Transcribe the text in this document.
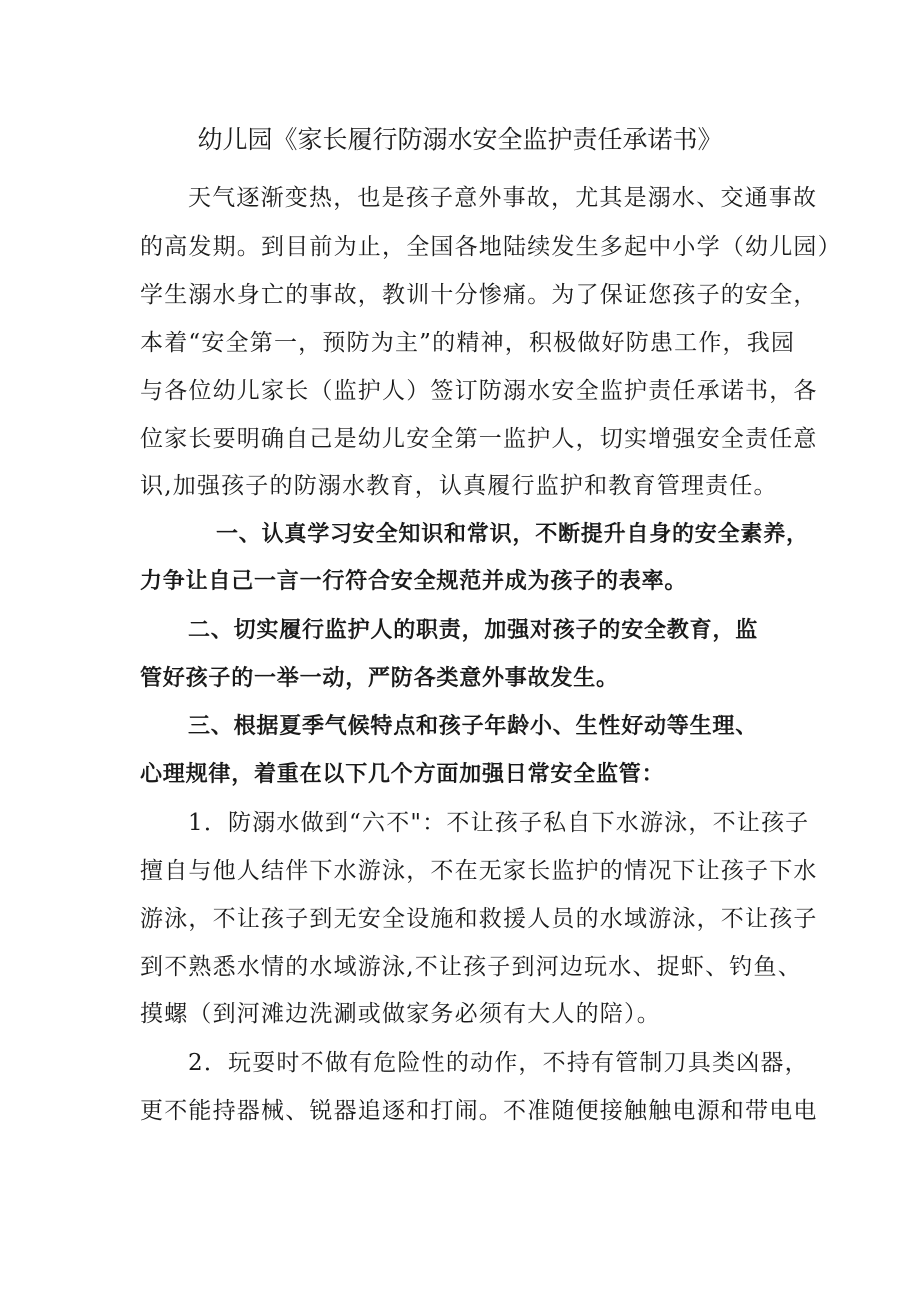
幼儿园《家长履行防溺水安全监护责任承诺书》
天气逐渐变热，也是孩子意外事故，尤其是溺水、交通事故
的高发期。到目前为止，全国各地陆续发生多起中小学（幼儿园）
学生溺水身亡的事故，教训十分惨痛。为了保证您孩子的安全，
本着“安全第一，预防为主”的精神，积极做好防患工作，我园
与各位幼儿家长（监护人）签订防溺水安全监护责任承诺书，各
位家长要明确自己是幼儿安全第一监护人，切实增强安全责任意
识,加强孩子的防溺水教育，认真履行监护和教育管理责任。
一、认真学习安全知识和常识，不断提升自身的安全素养，
力争让自己一言一行符合安全规范并成为孩子的表率。
二、切实履行监护人的职责，加强对孩子的安全教育，监
管好孩子的一举一动，严防各类意外事故发生。
三、根据夏季气候特点和孩子年龄小、生性好动等生理、
心理规律，着重在以下几个方面加强日常安全监管：
1．防溺水做到“六不"：不让孩子私自下水游泳，不让孩子
擅自与他人结伴下水游泳，不在无家长监护的情况下让孩子下水
游泳，不让孩子到无安全设施和救援人员的水域游泳，不让孩子
到不熟悉水情的水域游泳,不让孩子到河边玩水、捉虾、钓鱼、
摸螺（到河滩边洗涮或做家务必须有大人的陪）。
2．玩耍时不做有危险性的动作，不持有管制刀具类凶器，
更不能持器械、锐器追逐和打闹。不准随便接触触电源和带电电
